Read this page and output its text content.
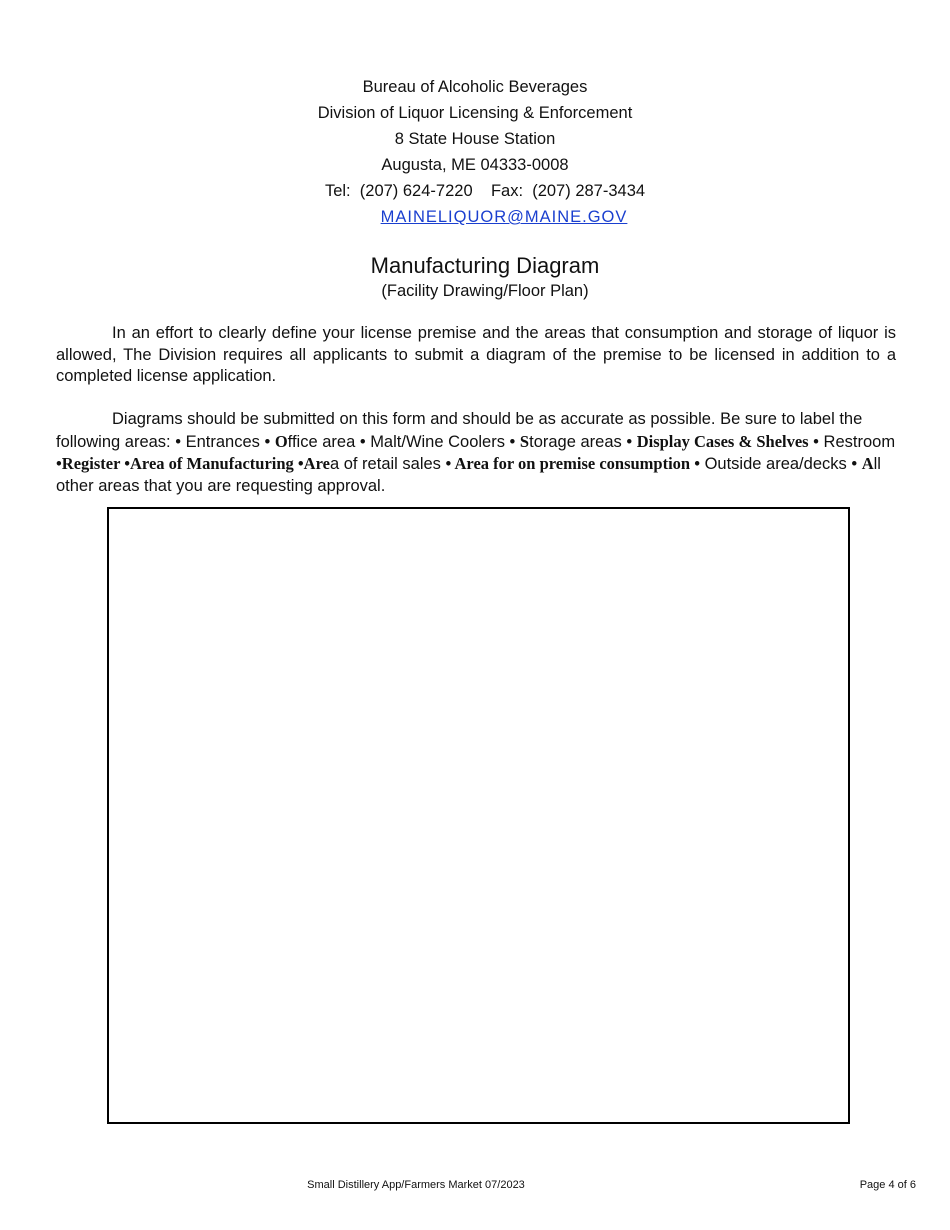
Bureau of Alcoholic Beverages
Division of Liquor Licensing & Enforcement
8 State House Station
Augusta, ME 04333-0008
Tel:  (207) 624-7220    Fax:  (207) 287-3434
MAINELIQUOR@MAINE.GOV
Manufacturing Diagram
(Facility Drawing/Floor Plan)

In an effort to clearly define your license premise and the areas that consumption and storage of liquor is allowed, The Division requires all applicants to submit a diagram of the premise to be licensed in addition to a completed license application.

Diagrams should be submitted on this form and should be as accurate as possible. Be sure to label the following areas: • Entrances • Office area • Malt/Wine Coolers • Storage areas • Display Cases & Shelves • Restroom •Register •Area of Manufacturing •Area of retail sales • Area for on premise consumption • Outside area/decks • All other areas that you are requesting approval.

Small Distillery App/Farmers Market 07/2023	Page 4 of 6
